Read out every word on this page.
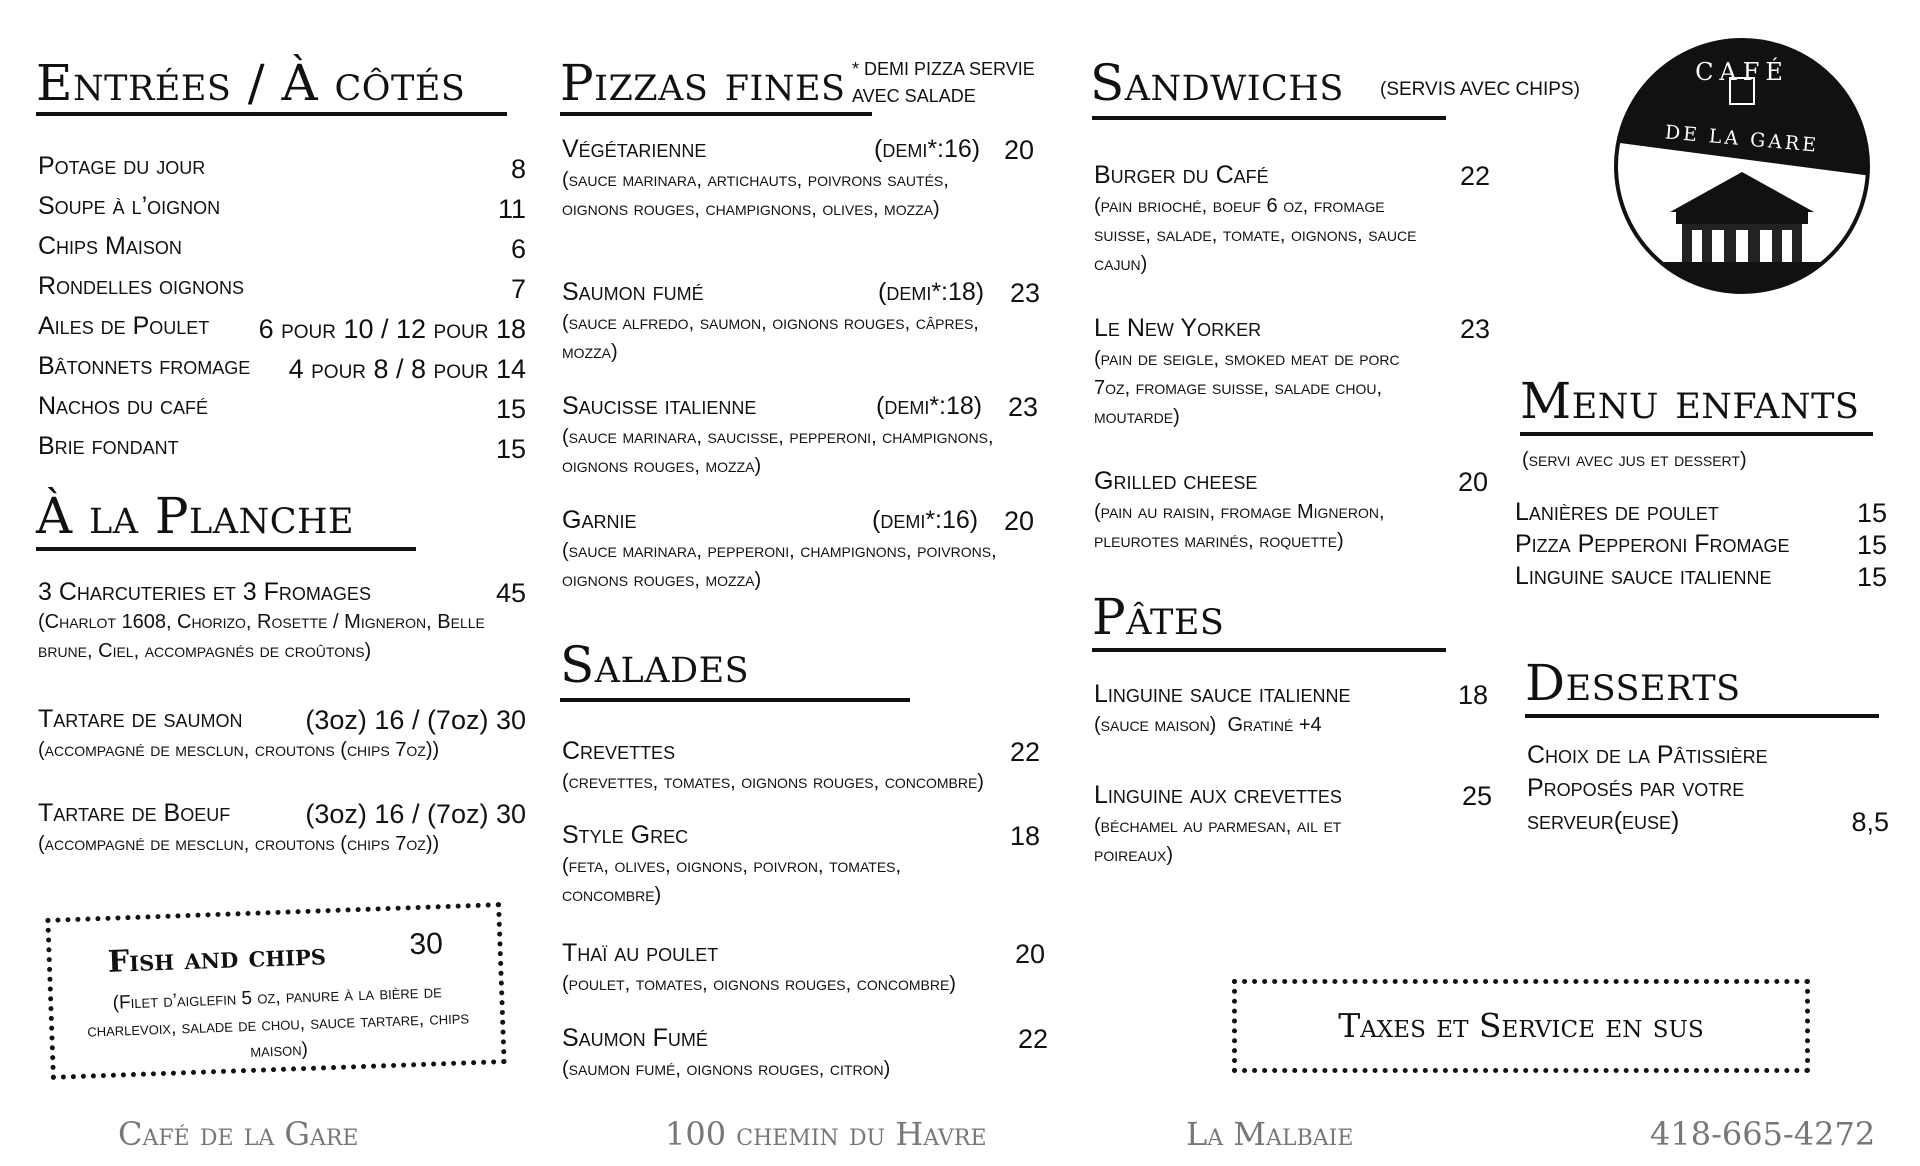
Entrées / À côtés
Potage du jour	8
Soupe à l’oignon	11
Chips Maison	6
Rondelles oignons	7
Ailes de Poulet 6 pour 10 / 12 pour 18
Bâtonnets fromage 4 pour 8 / 8 pour 14
Nachos du café	15
Brie fondant	15
À la Planche
3 Charcuteries et 3 Fromages	45
(Charlot 1608, Chorizo, Rosette / Migneron, Belle brune, Ciel, accompagnés de croûtons)
Tartare de saumon (3oz) 16 / (7oz) 30
(accompagné de mesclun, croutons (chips 7oz))
Tartare de Boeuf	(3oz) 16 / (7oz) 30
(accompagné de mesclun, croutons (chips 7oz))
Fish and chips	30
(Filet d’aiglefin 5 oz, panure à la bière de charlevoix, salade de chou, sauce tartare, chips maison)
Pizzas fines * DEMI PIZZA SERVIE AVEC SALADE
Végétarienne	(demi*:16) 20
(sauce marinara, artichauts, poivrons sautés, oignons rouges, champignons, olives, mozza)
Saumon fumé	(demi*:18) 23
(sauce alfredo, saumon, oignons rouges, câpres, mozza)
Saucisse italienne	(demi*:18) 23
(sauce marinara, saucisse, pepperoni, champignons, oignons rouges, mozza)
Garnie	(demi*:16) 20
(sauce marinara, pepperoni, champignons, poivrons, oignons rouges, mozza)
Salades
Crevettes	22
(crevettes, tomates, oignons rouges, concombre)
Style Grec	18
(feta, olives, oignons, poivron, tomates, concombre)
Thaï au poulet	20
(poulet, tomates, oignons rouges, concombre)
Saumon Fumé	22
(saumon fumé, oignons rouges, citron)
Sandwichs (SERVIS AVEC CHIPS)
Burger du Café	22
(pain brioché, boeuf 6 oz, fromage suisse, salade, tomate, oignons, sauce cajun)
Le New Yorker	23
(pain de seigle, smoked meat de porc 7oz, fromage suisse, salade chou, moutarde)
Grilled cheese	20
(pain au raisin, fromage Migneron, pleurotes marinés, roquette)
Pâtes
Linguine sauce italienne	18
(sauce maison)  Gratiné +4
Linguine aux crevettes	25
(béchamel au parmesan, ail et poireaux)
Taxes et Service en sus
CAFÉ
DE LA GARE
Menu enfants
(servi avec jus et dessert)
Lanières de poulet	15
Pizza Pepperoni Fromage 15
Linguine sauce italienne	15
Desserts
Choix de la Pâtissière
Proposés par votre
serveur(euse)	8,5
Café de la Gare	100 chemin du Havre	La Malbaie	418-665-4272
